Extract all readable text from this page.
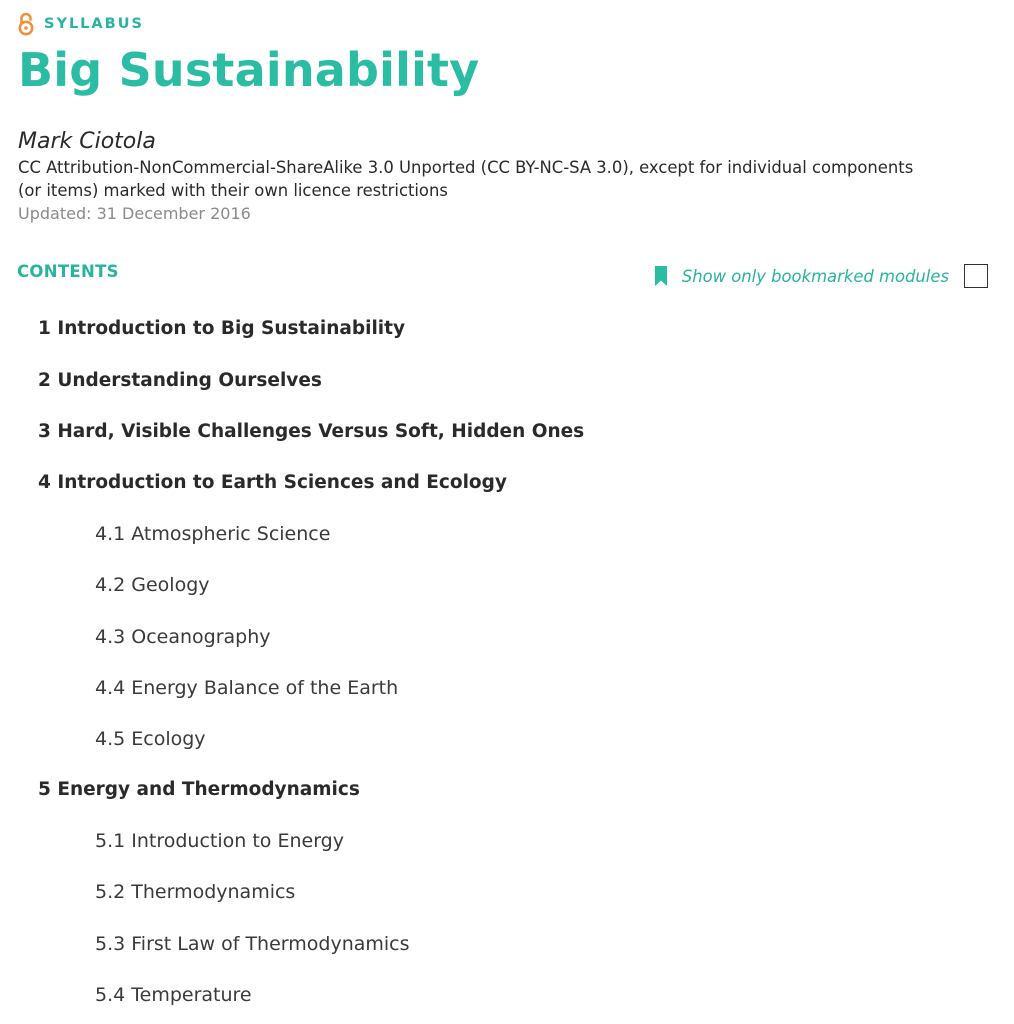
SYLLABUS
Big Sustainability
Mark Ciotola
CC Attribution-NonCommercial-ShareAlike 3.0 Unported (CC BY-NC-SA 3.0), except for individual components (or items) marked with their own licence restrictions
Updated: 31 December 2016
CONTENTS	Show only bookmarked modules
1 Introduction to Big Sustainability
2 Understanding Ourselves
3 Hard, Visible Challenges Versus Soft, Hidden Ones
4 Introduction to Earth Sciences and Ecology
4.1 Atmospheric Science
4.2 Geology
4.3 Oceanography
4.4 Energy Balance of the Earth
4.5 Ecology
5 Energy and Thermodynamics
5.1 Introduction to Energy
5.2 Thermodynamics
5.3 First Law of Thermodynamics
5.4 Temperature
